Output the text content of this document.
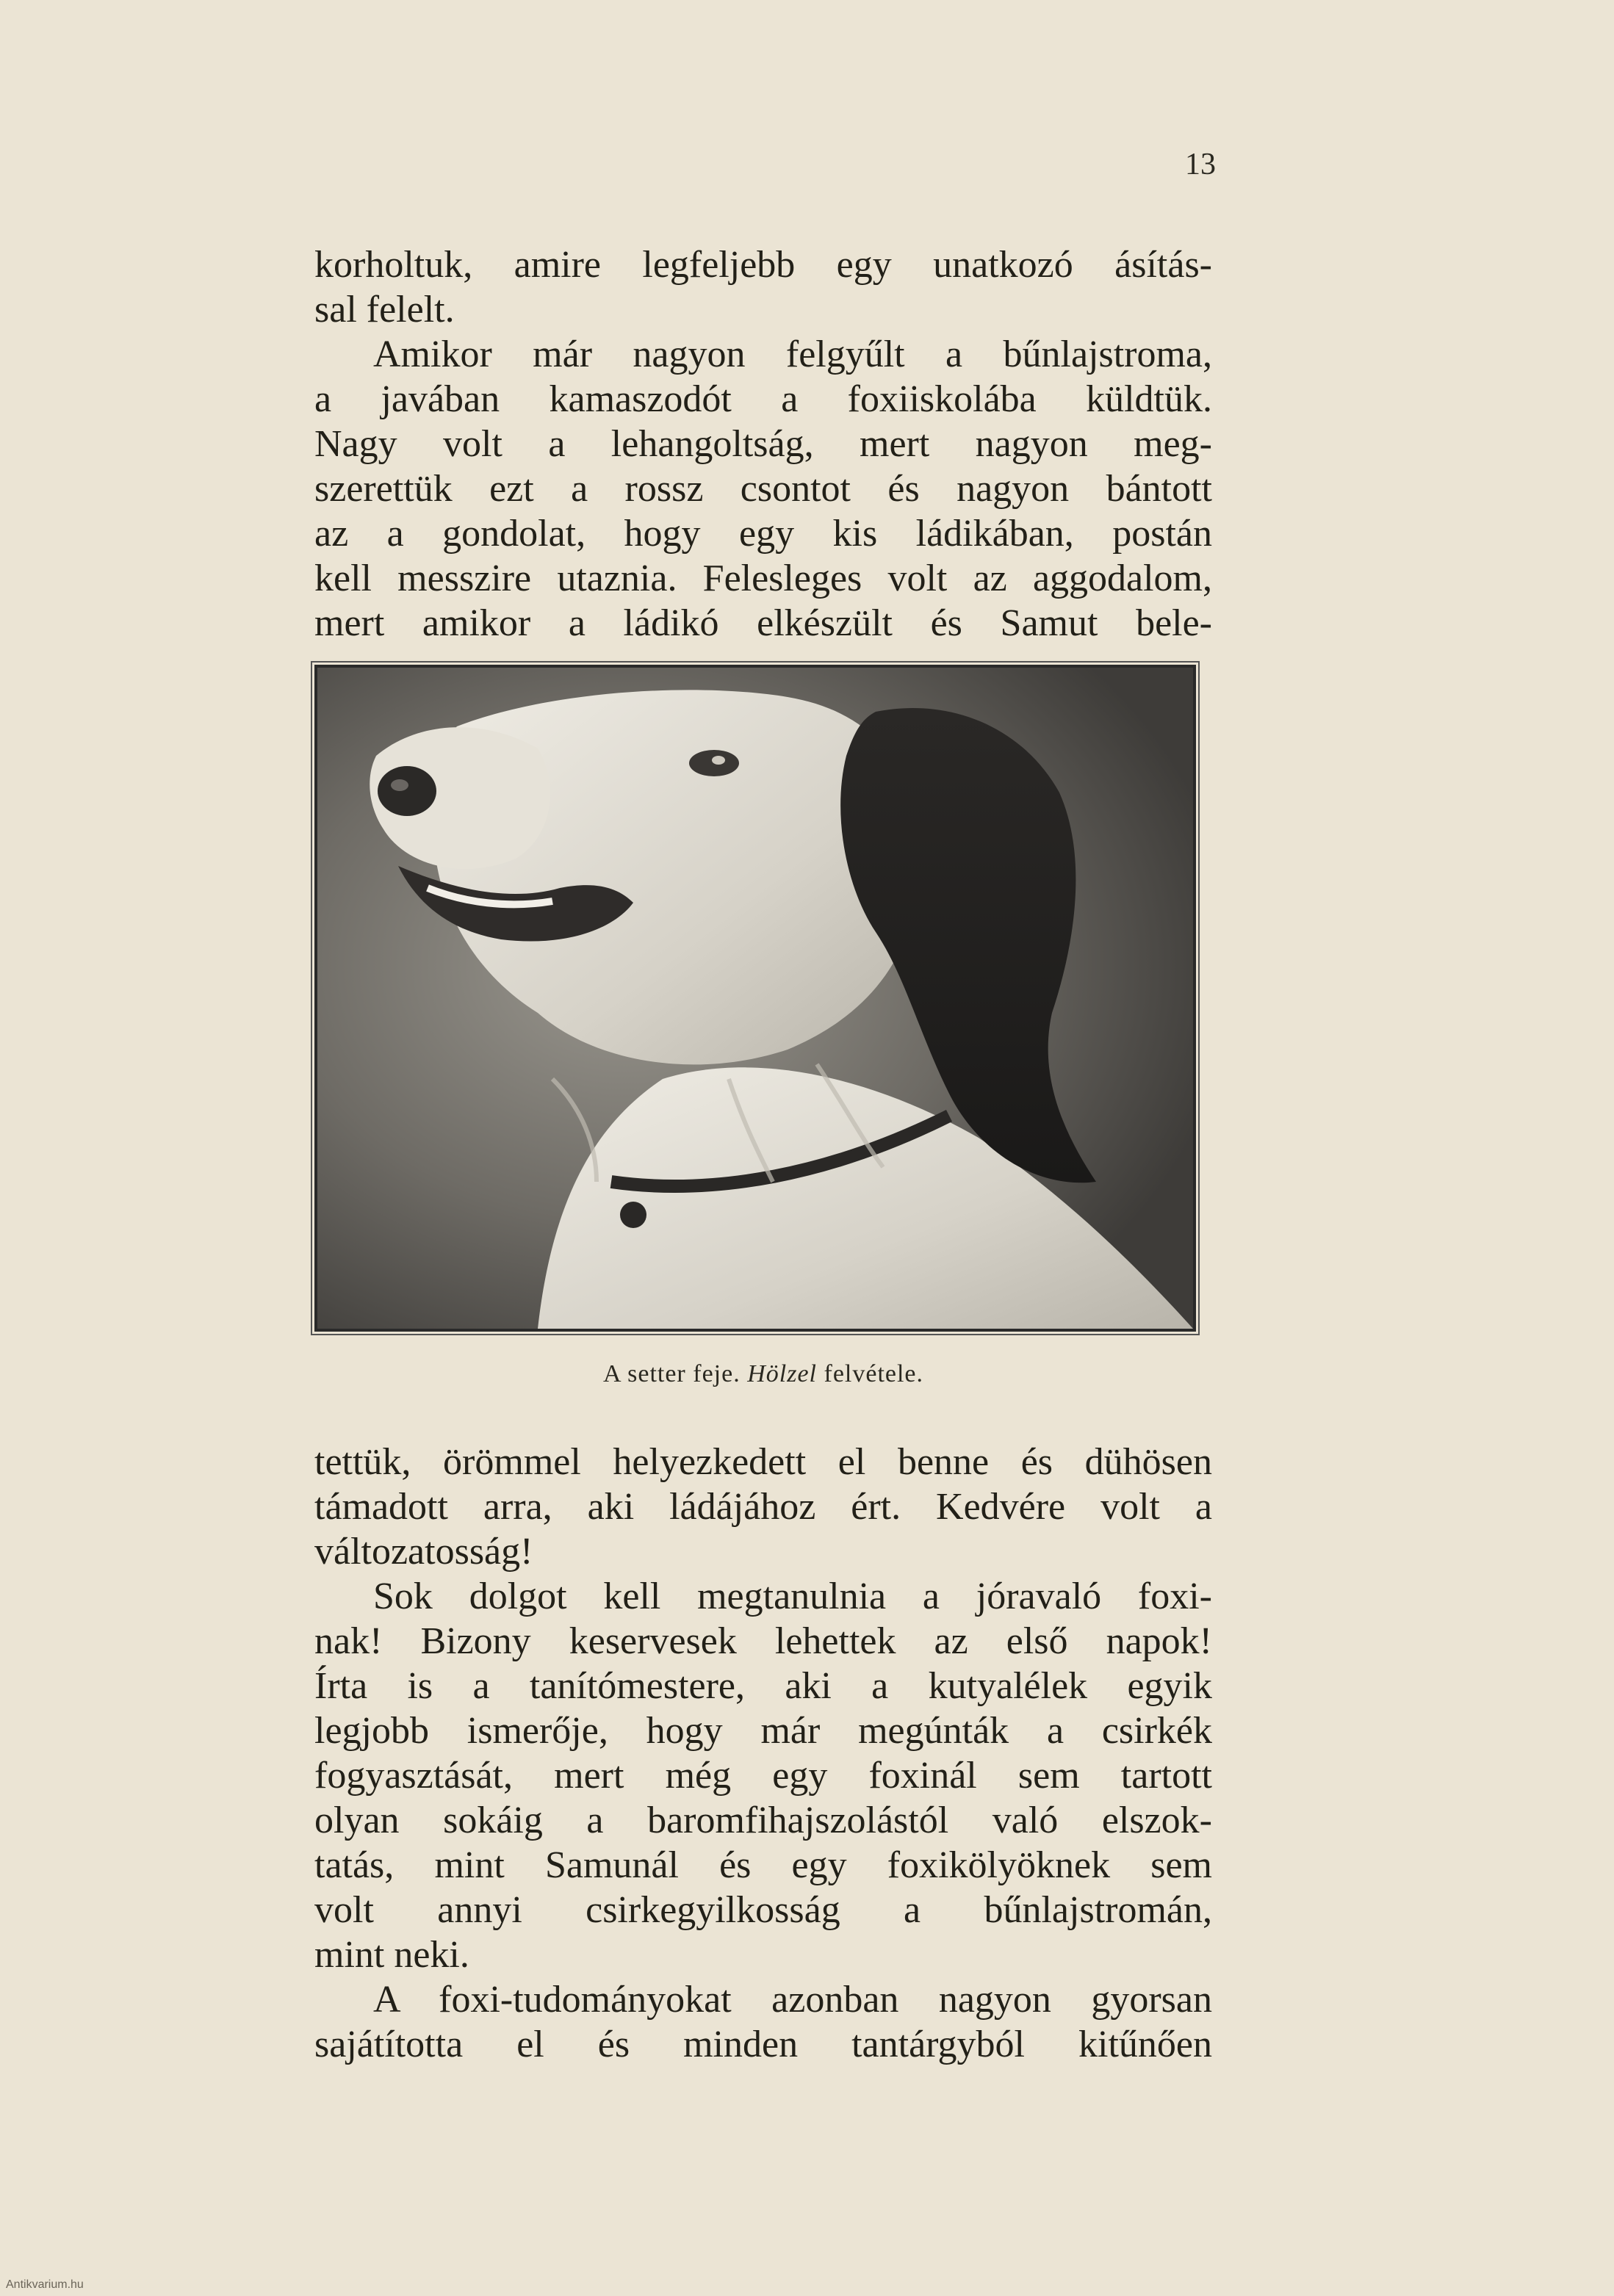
13
korholtuk, amire legfeljebb egy unatkozó ásítás-
sal felelt.
Amikor már nagyon felgyűlt a bűnlajstroma,
a javában kamaszodót a foxiiskolába küldtük.
Nagy volt a lehangoltság, mert nagyon meg-
szerettük ezt a rossz csontot és nagyon bántott
az a gondolat, hogy egy kis ládikában, postán
kell messzire utaznia. Felesleges volt az aggodalom,
mert amikor a ládikó elkészült és Samut bele-
A setter feje. Hölzel felvétele.
tettük, örömmel helyezkedett el benne és dühösen
támadott arra, aki ládájához ért. Kedvére volt a
változatosság!
Sok dolgot kell megtanulnia a jóravaló foxi-
nak! Bizony keservesek lehettek az első napok!
Írta is a tanítómestere, aki a kutyalélek egyik
legjobb ismerője, hogy már megúnták a csirkék
fogyasztását, mert még egy foxinál sem tartott
olyan sokáig a baromfihajszolástól való elszok-
tatás, mint Samunál és egy foxikölyöknek sem
volt annyi csirkegyilkosság a bűnlajstromán,
mint neki.
A foxi-tudományokat azonban nagyon gyorsan
sajátította el és minden tantárgyból kitűnően
Antikvarium.hu
